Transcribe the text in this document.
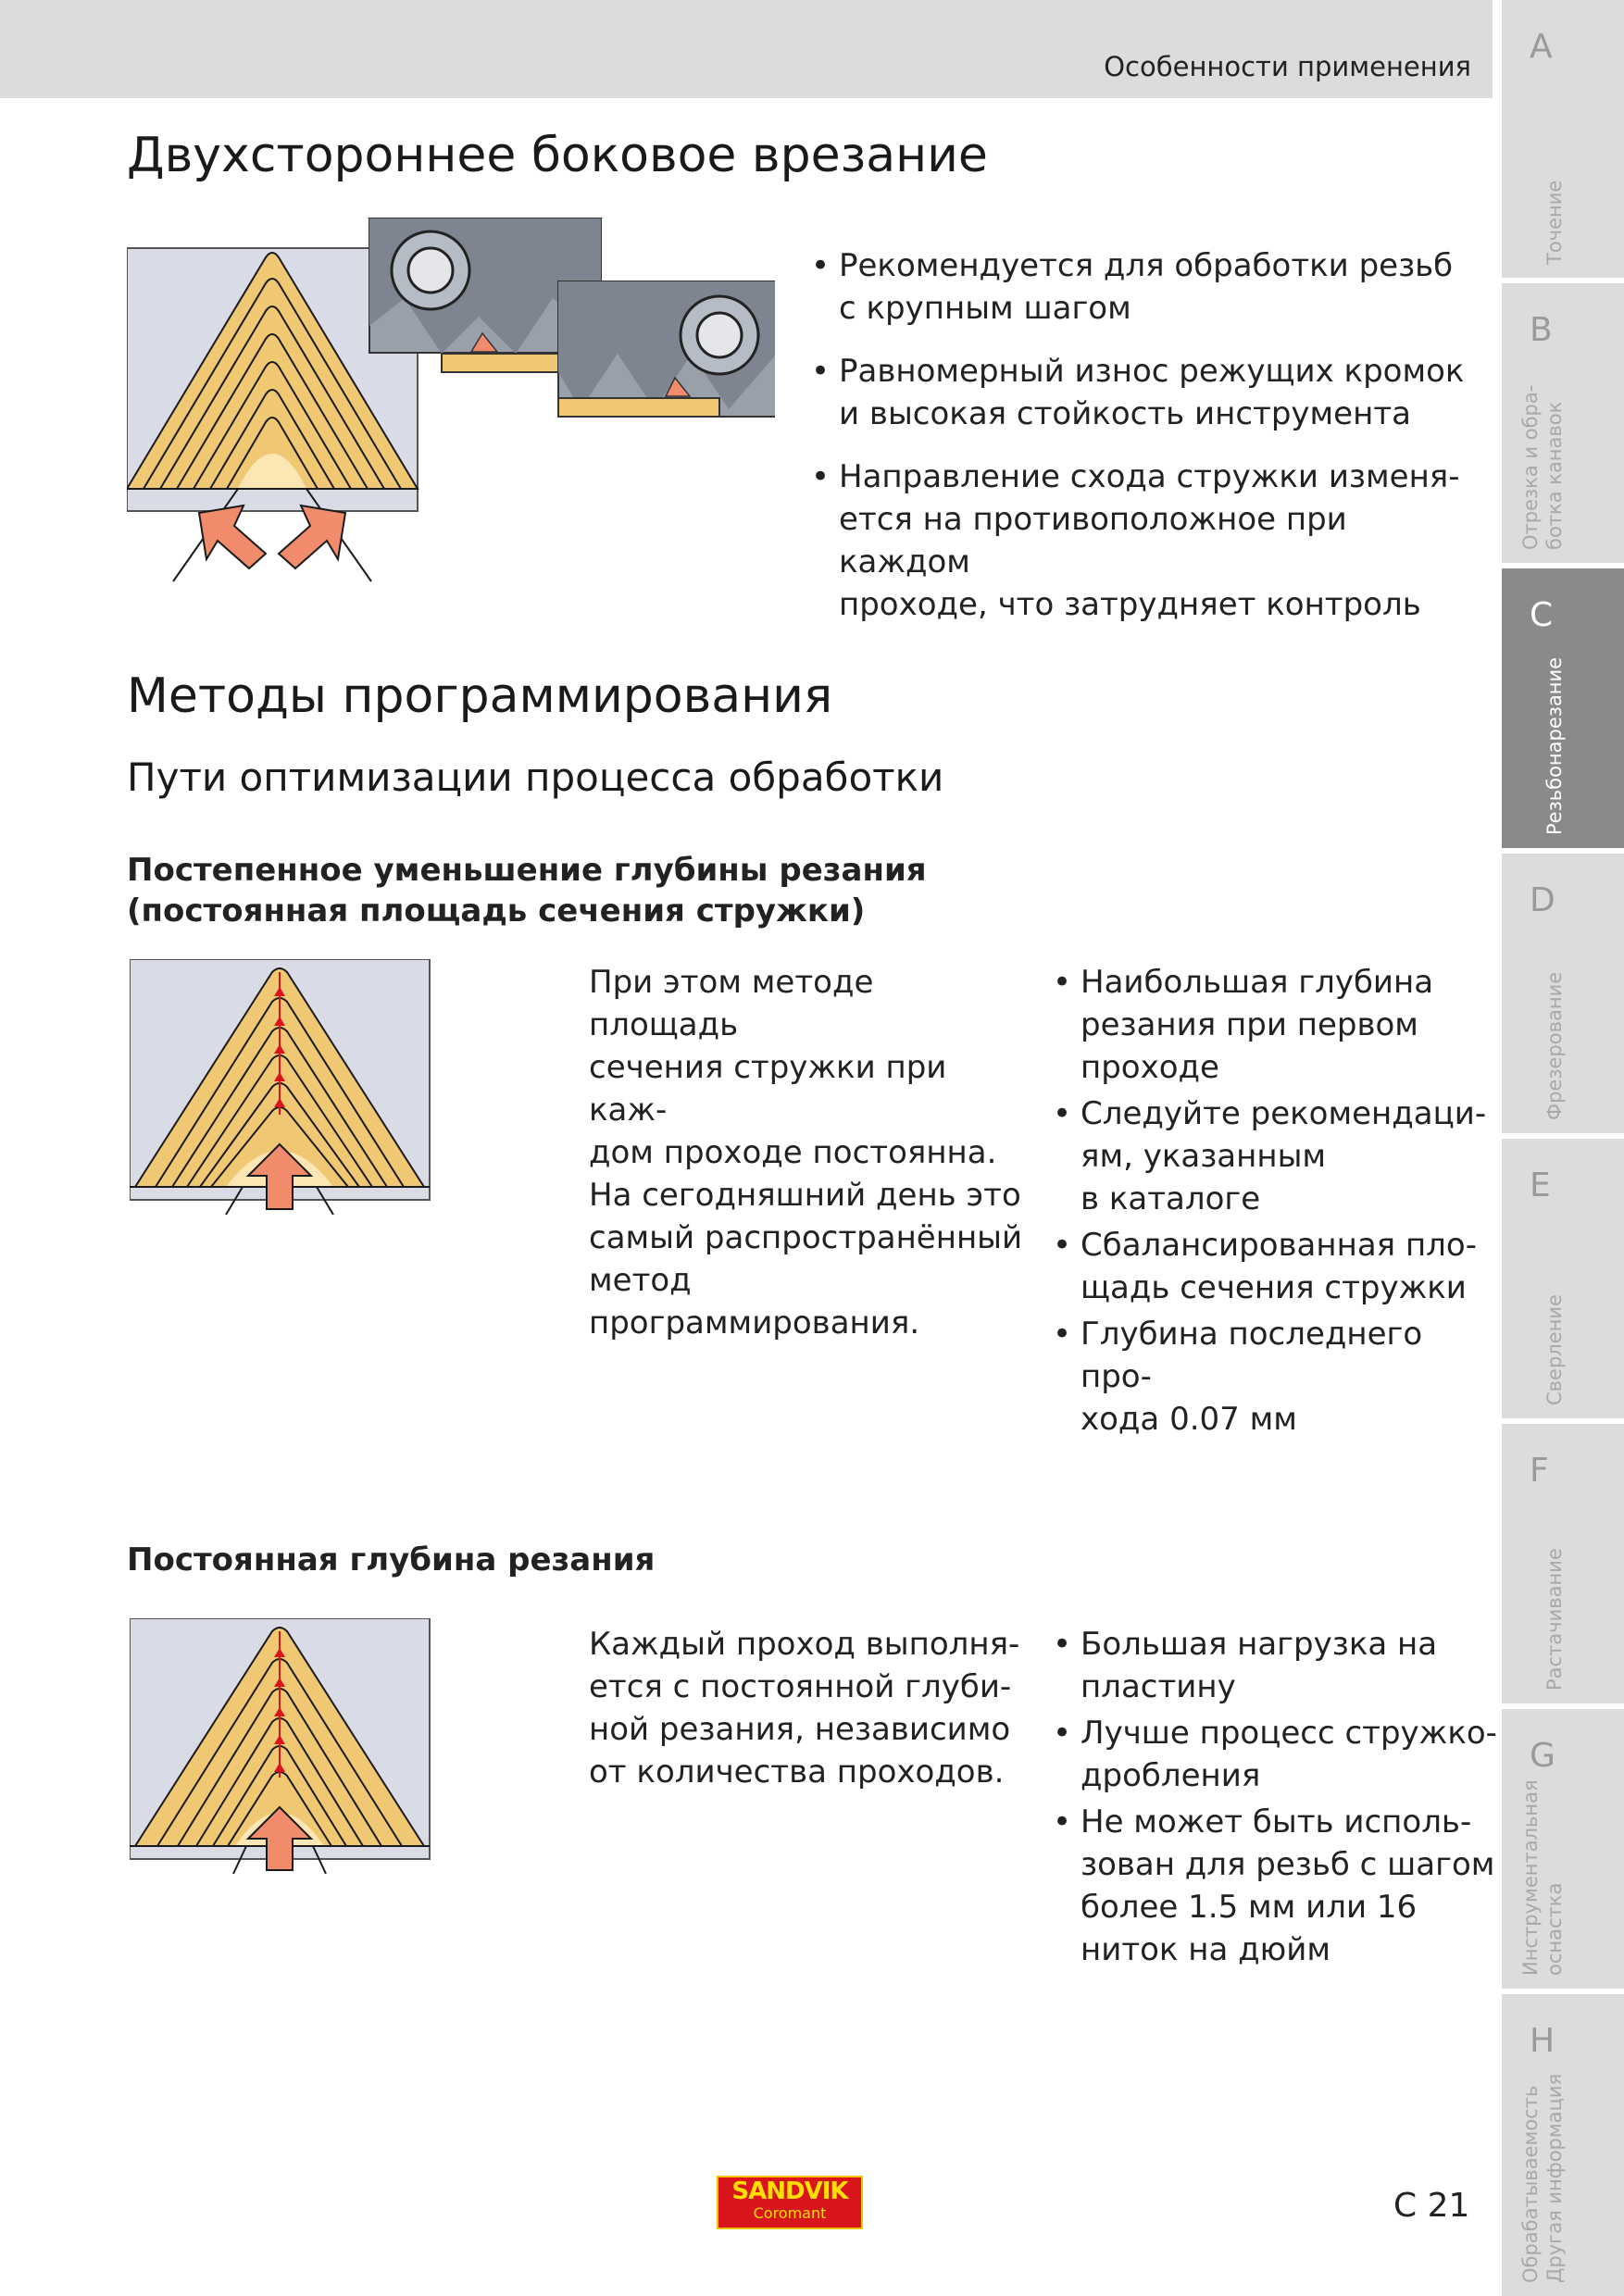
Особенности применения
A
Точение
B
Отрезка и обра-
ботка канавок
C
Резьбонарезание
D
Фрезерование
E
Сверление
F
Растачивание
G
Инструментальная
оснастка
H
Обрабатываемость
Другая информация
Двухстороннее боковое врезание
• Рекомендуется для обработки резьб
с крупным шагом
• Равномерный износ режущих кромок
и высокая стойкость инструмента
• Направление схода стружки изменя-
ется на противоположное при каждом
проходе, что затрудняет контроль
Методы программирования
Пути оптимизации процесса обработки
Постепенное уменьшение глубины резания
(постоянная площадь сечения стружки)
При этом методе площадь
сечения стружки при каж-
дом проходе постоянна.
На сегодняшний день это
самый распространённый
метод программирования.
• Наибольшая глубина
резания при первом
проходе
• Следуйте рекомендаци-
ям, указанным
в каталоге
• Сбалансированная пло-
щадь сечения стружки
• Глубина последнего про-
хода 0.07 мм
Постоянная глубина резания
Каждый проход выполня-
ется с постоянной глуби-
ной резания, независимо
от количества проходов.
• Большая нагрузка на
пластину
• Лучше процесс стружко-
дробления
• Не может быть исполь-
зован для резьб с шагом
более 1.5 мм или 16
ниток на дюйм
SANDVIK
Coromant	C 21
